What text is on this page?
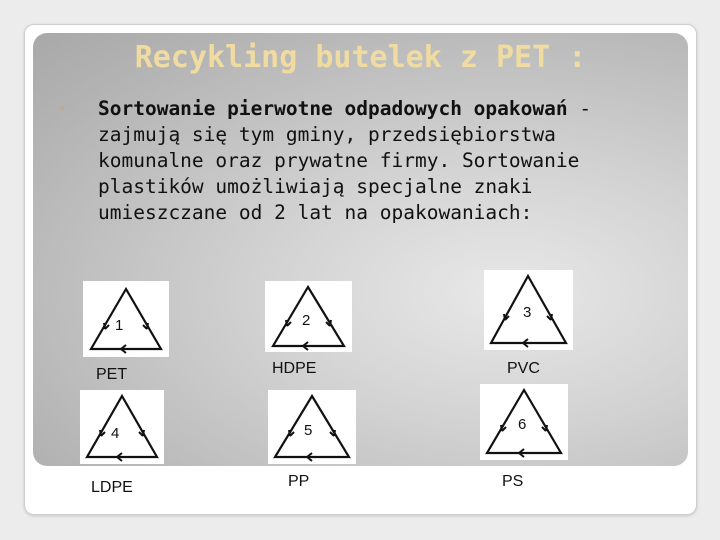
Recykling butelek z PET :
◦ Sortowanie pierwotne odpadowych opakowań - zajmują się tym gminy, przedsiębiorstwa komunalne oraz prywatne firmy. Sortowanie plastików umożliwiają specjalne znaki umieszczane od 2 lat na opakowaniach:
1
PET
2
HDPE
3
PVC
4
LDPE
5
PP
6
PS
